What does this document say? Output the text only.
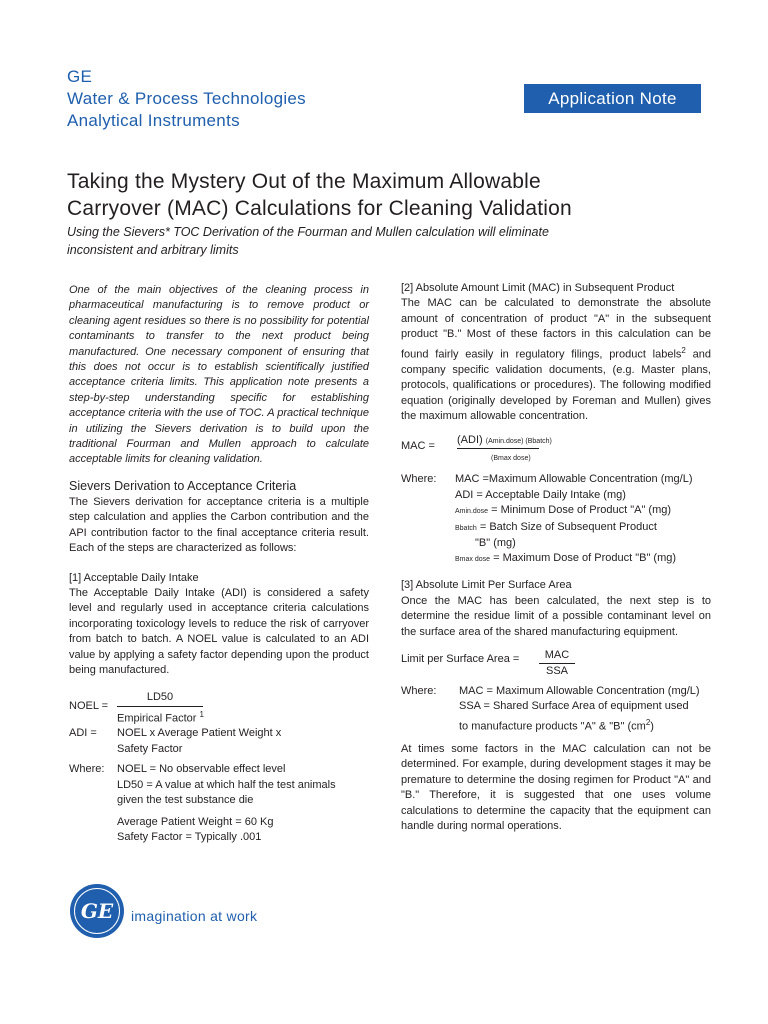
GE
Water & Process Technologies
Analytical Instruments
Application Note
Taking the Mystery Out of the Maximum Allowable
Carryover (MAC) Calculations for Cleaning Validation
Using the Sievers* TOC Derivation of the Fourman and Mullen calculation will eliminate
inconsistent and arbitrary limits

One of the main objectives of the cleaning process in pharmaceutical manufacturing is to remove product or cleaning agent residues so there is no possibility for potential contaminants to transfer to the next product being manufactured. One necessary component of ensuring that this does not occur is to establish scientifically justified acceptance criteria limits. This application note presents a step-by-step understanding specific for establishing acceptance criteria with the use of TOC. A practical technique in utilizing the Sievers derivation is to build upon the traditional Fourman and Mullen approach to calculate acceptable limits for cleaning validation.

Sievers Derivation to Acceptance Criteria

The Sievers derivation for acceptance criteria is a multiple step calculation and applies the Carbon contribution and the API contribution factor to the final acceptance criteria result. Each of the steps are characterized as follows:

[1] Acceptable Daily Intake

The Acceptable Daily Intake (ADI) is considered a safety level and regularly used in acceptance criteria calculations incorporating toxicology levels to reduce the risk of carryover from batch to batch. A NOEL value is calculated to an ADI value by applying a safety factor depending upon the product being manufactured.

NOEL =
LD50
Empirical Factor $^1$
ADI = NOEL x Average Patient Weight x
Safety Factor
Where: NOEL = No observable effect level
LD50 = A value at which half the test animals
given the test substance die
Average Patient Weight = 60 Kg
Safety Factor = Typically .001
[2] Absolute Amount Limit (MAC) in Subsequent Product

The MAC can be calculated to demonstrate the absolute amount of concentration of product "A" in the subsequent product "B." Most of these factors in this calculation can be found fairly easily in regulatory filings, product labels$^2$ and company specific validation documents, (e.g. Master plans, protocols, qualifications or procedures). The following modified equation (originally developed by Foreman and Mullen) gives the maximum allowable concentration.

MAC = (ADI) (Amin.dose) (Bbatch)
(Bmax dose)
Where: MAC =Maximum Allowable Concentration (mg/L)
ADI = Acceptable Daily Intake (mg)
Amin.dose = Minimum Dose of Product "A" (mg)
Bbatch = Batch Size of Subsequent Product
"B" (mg)
Bmax dose = Maximum Dose of Product "B" (mg)
[3] Absolute Limit Per Surface Area

Once the MAC has been calculated, the next step is to determine the residue limit of a possible contaminant level on the surface area of the shared manufacturing equipment.

Limit per Surface Area =	MAC
SSA
Where: MAC = Maximum Allowable Concentration (mg/L)
SSA = Shared Surface Area of equipment used
to manufacture products "A" & "B" $(cm^2)$

At times some factors in the MAC calculation can not be determined. For example, during development stages it may be premature to determine the dosing regimen for Product "A" and "B." Therefore, it is suggested that one uses volume calculations to determine the capacity that the equipment can handle during normal operations.

GE	imagination at work
